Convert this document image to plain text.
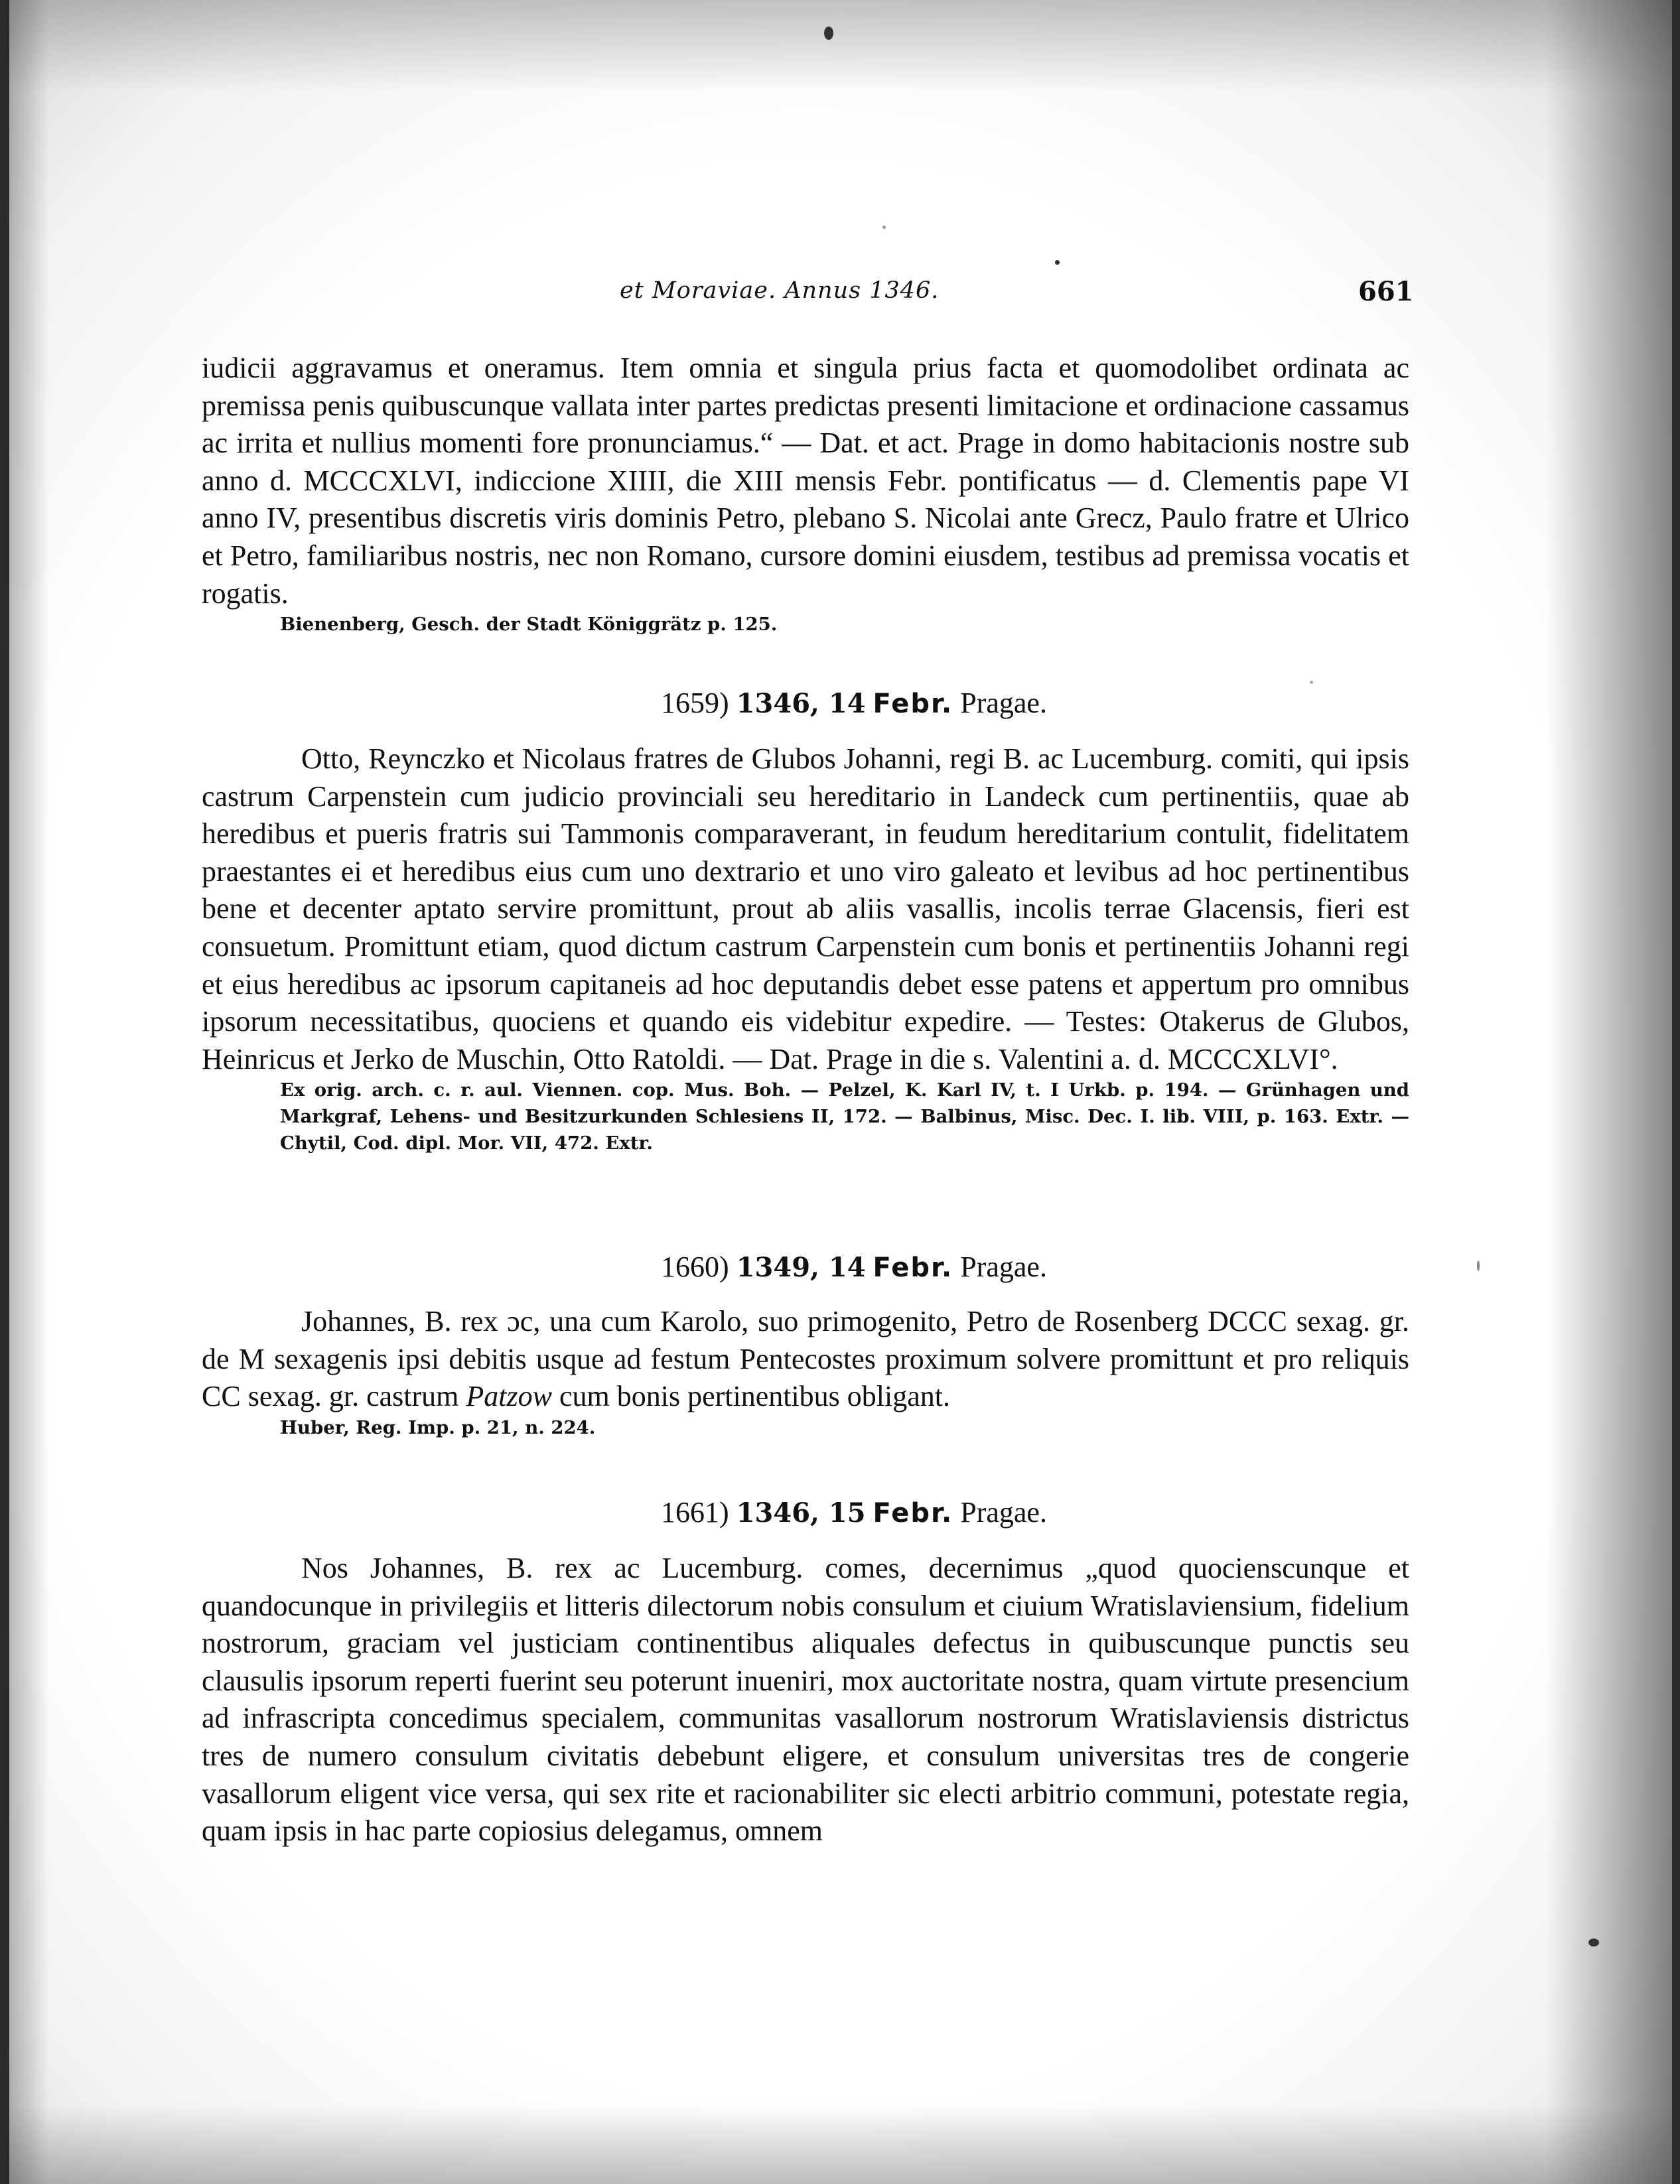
et Moraviae. Annus 1346.	661

iudicii aggravamus et oneramus. Item omnia et singula prius facta et quomodolibet ordinata ac premissa penis quibuscunque vallata inter partes predictas presenti limitacione et ordinacione cassamus ac irrita et nullius momenti fore pronunciamus.“ — Dat. et act. Prage in domo habitacionis nostre sub anno d. MCCCXLVI, indiccione XIIII, die XIII mensis Febr. pontificatus — d. Clementis pape VI anno IV, presentibus discretis viris dominis Petro, plebano S. Nicolai ante Grecz, Paulo fratre et Ulrico et Petro, familiaribus nostris, nec non Romano, cursore domini eiusdem, testibus ad premissa vocatis et rogatis.

Bienenberg, Gesch. der Stadt Königgrätz p. 125.

1659) 1346, 14 Febr. Pragae.

Otto, Reynczko et Nicolaus fratres de Glubos Johanni, regi B. ac Lucemburg. comiti, qui ipsis castrum Carpenstein cum judicio provinciali seu hereditario in Landeck cum pertinentiis, quae ab heredibus et pueris fratris sui Tammonis comparaverant, in feudum hereditarium contulit, fidelitatem praestantes ei et heredibus eius cum uno dextrario et uno viro galeato et levibus ad hoc pertinentibus bene et decenter aptato servire promittunt, prout ab aliis vasallis, incolis terrae Glacensis, fieri est consuetum. Promittunt etiam, quod dictum castrum Carpenstein cum bonis et pertinentiis Johanni regi et eius heredibus ac ipsorum capitaneis ad hoc deputandis debet esse patens et appertum pro omnibus ipsorum necessitatibus, quociens et quando eis videbitur expedire. — Testes: Otakerus de Glubos, Heinricus et Jerko de Muschin, Otto Ratoldi. — Dat. Prage in die s. Valentini a. d. MCCCXLVI°.

Ex orig. arch. c. r. aul. Viennen. cop. Mus. Boh. — Pelzel, K. Karl IV, t. I Urkb. p. 194. — Grünhagen und Markgraf, Lehens- und Besitzurkunden Schlesiens II, 172. — Balbinus, Misc. Dec. I. lib. VIII, p. 163. Extr. — Chytil, Cod. dipl. Mor. VII, 472. Extr.

1660) 1349, 14 Febr. Pragae.

Johannes, B. rex ɔc, una cum Karolo, suo primogenito, Petro de Rosenberg DCCC sexag. gr. de M sexagenis ipsi debitis usque ad festum Pentecostes proximum solvere promittunt et pro reliquis CC sexag. gr. castrum Patzow cum bonis pertinentibus obligant.

Huber, Reg. Imp. p. 21, n. 224.

1661) 1346, 15 Febr. Pragae.

Nos Johannes, B. rex ac Lucemburg. comes, decernimus „quod quocienscunque et quandocunque in privilegiis et litteris dilectorum nobis consulum et ciuium Wratislaviensium, fidelium nostrorum, graciam vel justiciam continentibus aliquales defectus in quibuscunque punctis seu clausulis ipsorum reperti fuerint seu poterunt inueniri, mox auctoritate nostra, quam virtute presencium ad infrascripta concedimus specialem, communitas vasallorum nostrorum Wratislaviensis districtus tres de numero consulum civitatis debebunt eligere, et consulum universitas tres de congerie vasallorum eligent vice versa, qui sex rite et racionabiliter sic electi arbitrio communi, potestate regia, quam ipsis in hac parte copiosius delegamus, omnem
